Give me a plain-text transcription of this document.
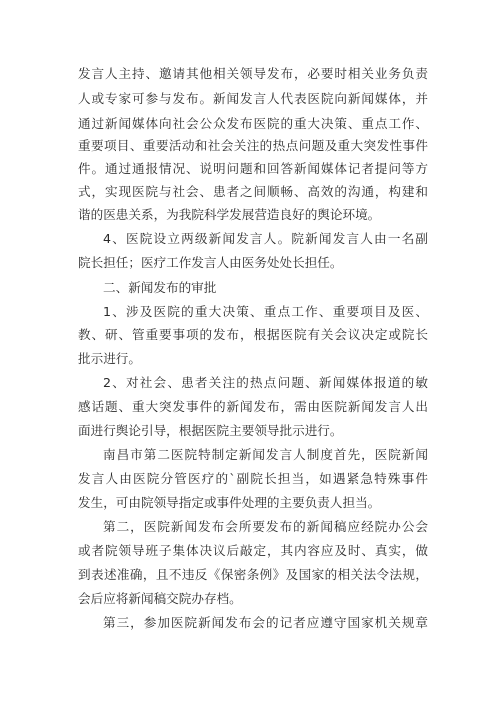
发言人主持、邀请其他相关领导发布，必要时相关业务负责
人或专家可参与发布。新闻发言人代表医院向新闻媒体，并
通过新闻媒体向社会公众发布医院的重大决策、重点工作、
重要项目、重要活动和社会关注的热点问题及重大突发性事件
件。通过通报情况、说明问题和回答新闻媒体记者提问等方
式，实现医院与社会、患者之间顺畅、高效的沟通，构建和
谐的医患关系，为我院科学发展营造良好的舆论环境。
4、医院设立两级新闻发言人。院新闻发言人由一名副
院长担任；医疗工作发言人由医务处处长担任。
二、新闻发布的审批
1、涉及医院的重大决策、重点工作、重要项目及医、
教、研、管重要事项的发布，根据医院有关会议决定或院长
批示进行。
2、对社会、患者关注的热点问题、新闻媒体报道的敏
感话题、重大突发事件的新闻发布，需由医院新闻发言人出
面进行舆论引导，根据医院主要领导批示进行。
南昌市第二医院特制定新闻发言人制度首先，医院新闻
发言人由医院分管医疗的`副院长担当，如遇紧急特殊事件
发生，可由院领导指定或事件处理的主要负责人担当。
第二，医院新闻发布会所要发布的新闻稿应经院办公会
或者院领导班子集体决议后敲定，其内容应及时、真实，做
到表述准确，且不违反《保密条例》及国家的相关法令法规，
会后应将新闻稿交院办存档。
第三，参加医院新闻发布会的记者应遵守国家机关规章
